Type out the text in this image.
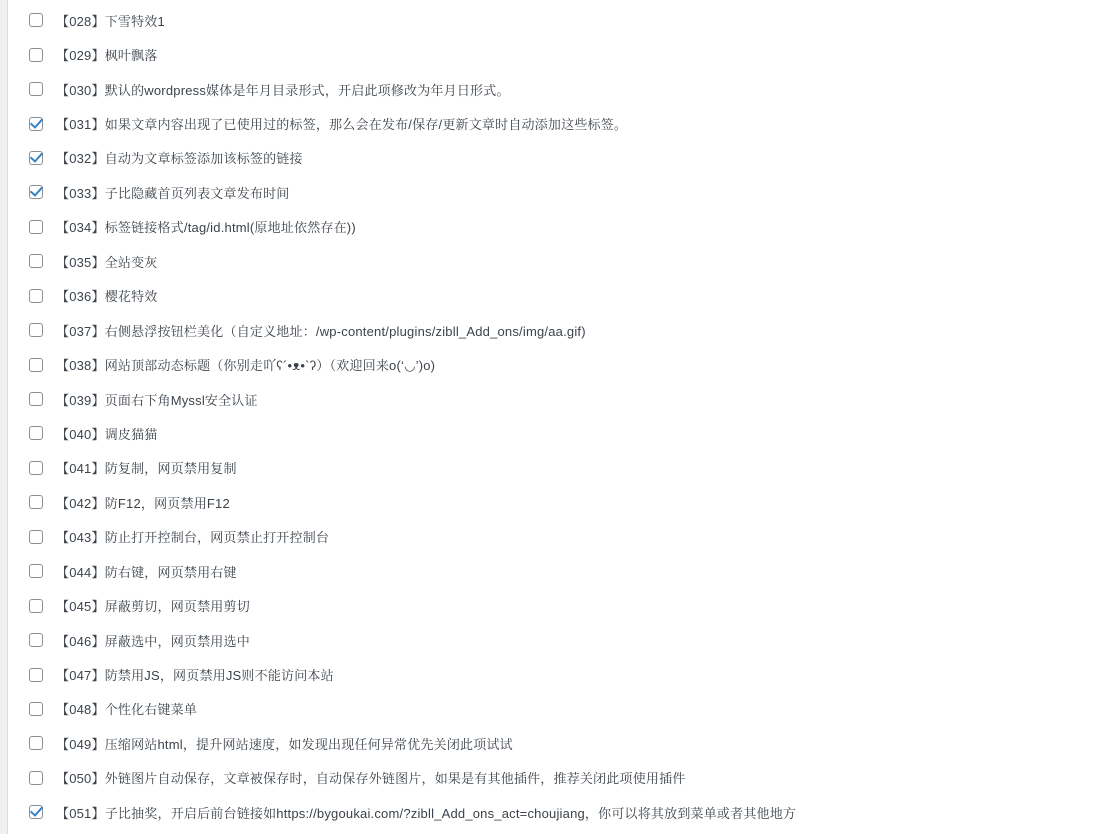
【028】下雪特效1
【029】枫叶飘落
【030】默认的wordpress媒体是年月目录形式，开启此项修改为年月日形式。
【031】如果文章内容出现了已使用过的标签，那么会在发布/保存/更新文章时自动添加这些标签。
【032】自动为文章标签添加该标签的链接
【033】子比隐藏首页列表文章发布时间
【034】标签链接格式/tag/id.html(原地址依然存在))
【035】全站变灰
【036】樱花特效
【037】右侧悬浮按钮栏美化（自定义地址：/wp-content/plugins/zibll_Add_ons/img/aa.gif)
【038】网站顶部动态标题（你别走吖ʕ´•ᴥ•`ʔ）（欢迎回来o(‘◡’)o)
【039】页面右下角Myssl安全认证
【040】调皮猫猫
【041】防复制，网页禁用复制
【042】防F12，网页禁用F12
【043】防止打开控制台，网页禁止打开控制台
【044】防右键，网页禁用右键
【045】屏蔽剪切，网页禁用剪切
【046】屏蔽选中，网页禁用选中
【047】防禁用JS，网页禁用JS则不能访问本站
【048】个性化右键菜单
【049】压缩网站html，提升网站速度，如发现出现任何异常优先关闭此项试试
【050】外链图片自动保存，文章被保存时，自动保存外链图片，如果是有其他插件，推荐关闭此项使用插件
【051】子比抽奖，开启后前台链接如https://bygoukai.com/?zibll_Add_ons_act=choujiang，你可以将其放到菜单或者其他地方
